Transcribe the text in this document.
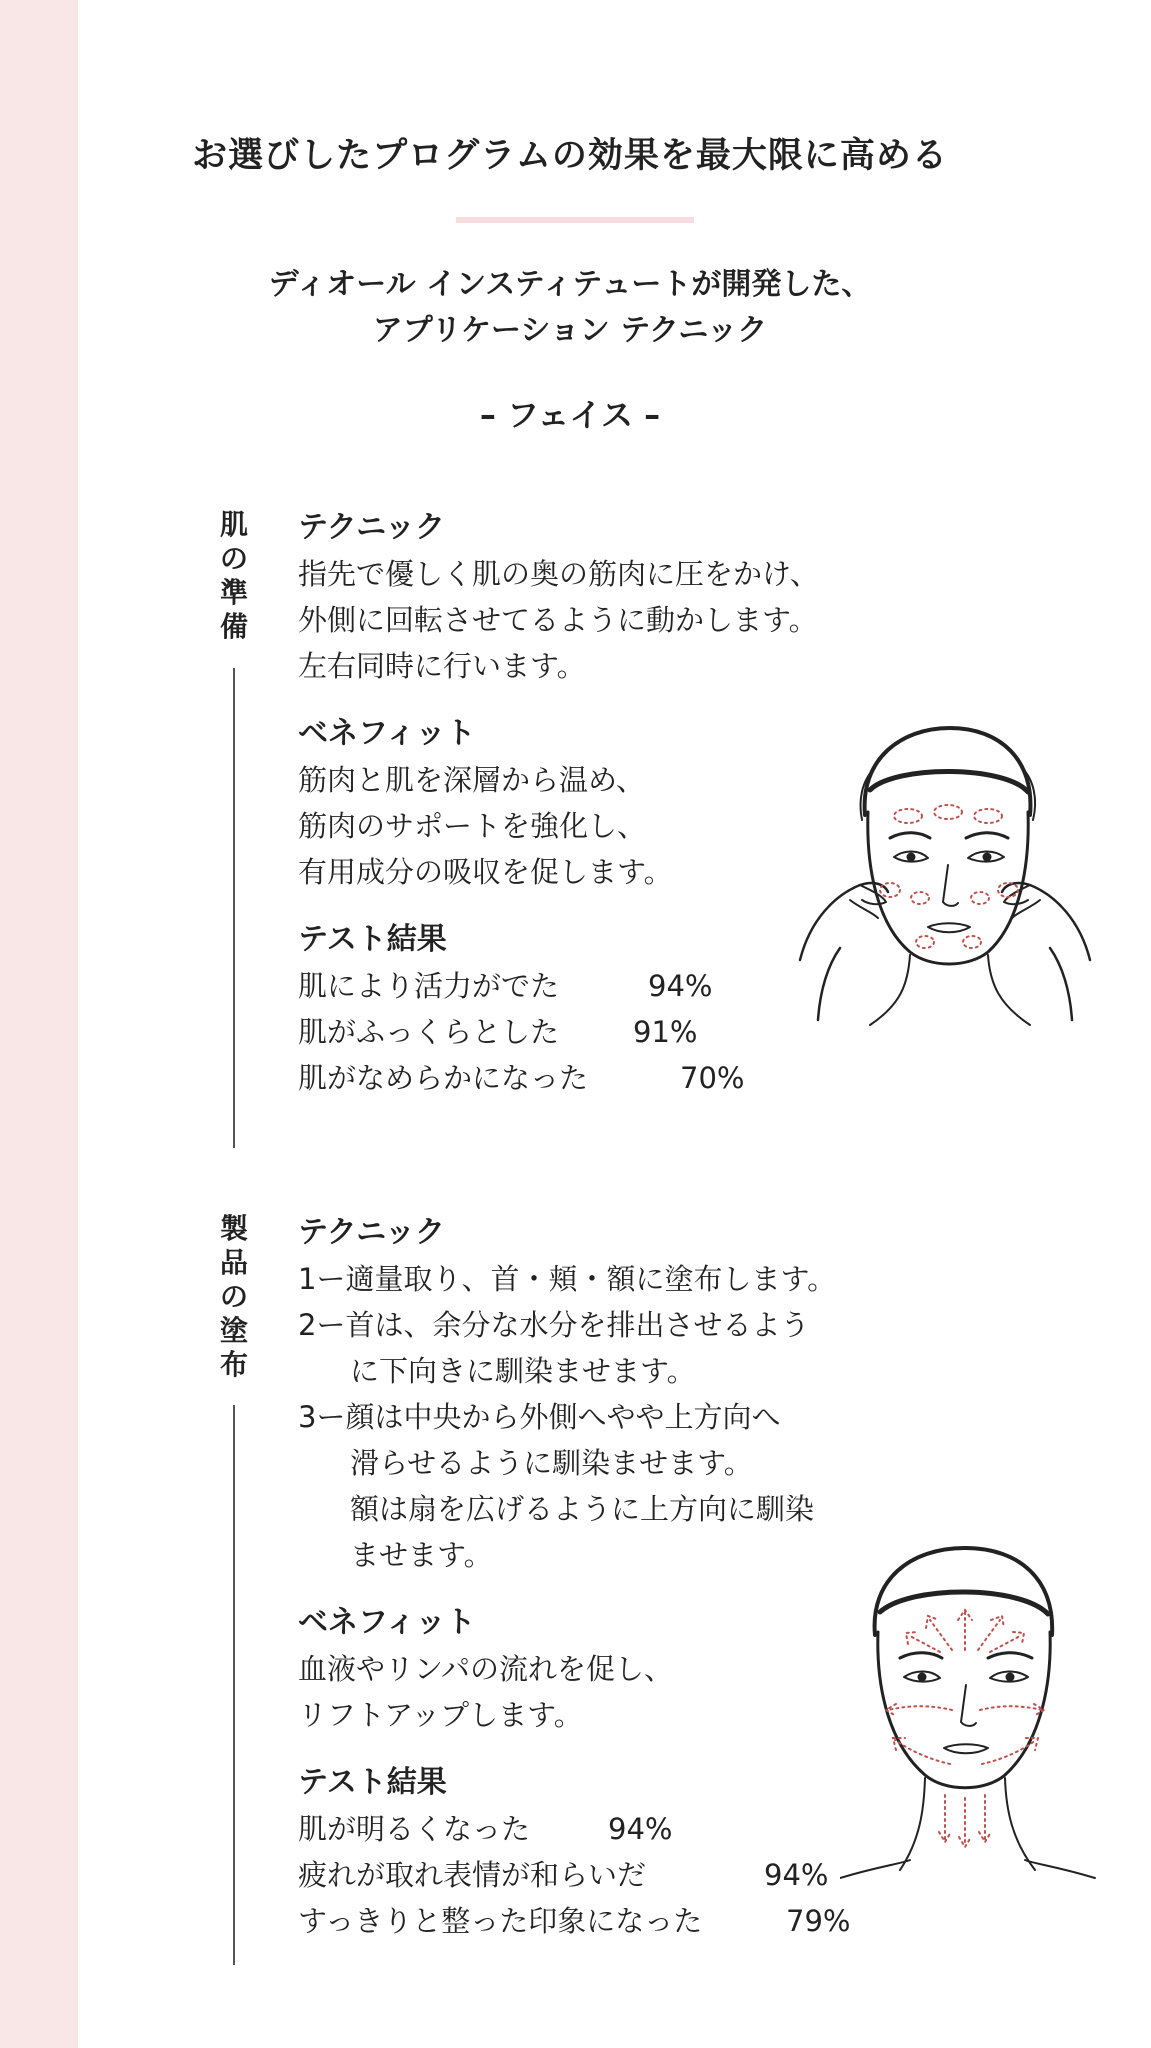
お選びしたプログラムの効果を最大限に高める
ディオール インスティテュートが開発した、
アプリケーション テクニック
– フェイス –
肌
の
準
備
テクニック
指先で優しく肌の奥の筋肉に圧をかけ、
外側に回転させてるように動かします。
左右同時に行います。
ベネフィット
筋肉と肌を深層から温め、
筋肉のサポートを強化し、
有用成分の吸収を促します。
テスト結果
肌により活力がでた	94%
肌がふっくらとした	91%
肌がなめらかになった	70%
製
品
の
塗
布
テクニック
1ー適量取り、首・頬・額に塗布します。
2ー首は、余分な水分を排出させるよう
に下向きに馴染ませます。
3ー顔は中央から外側へやや上方向へ
滑らせるように馴染ませます。
額は扇を広げるように上方向に馴染
ませます。
ベネフィット
血液やリンパの流れを促し、
リフトアップします。
テスト結果
肌が明るくなった	94%
疲れが取れ表情が和らいだ	94%
すっきりと整った印象になった	79%
